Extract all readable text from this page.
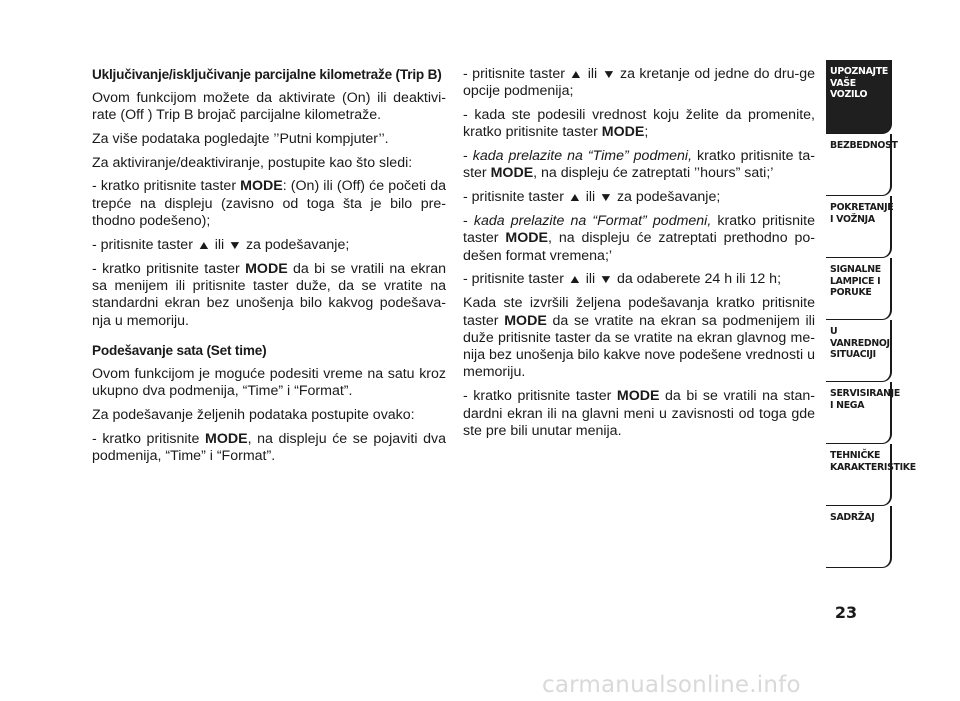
Uključivanje/isključivanje parcijalne kilometraže (Trip B)

Ovom funkcijom možete da aktivirate (On) ili deaktivi-rate (Off ) Trip B brojač parcijalne kilometraže.

Za više podataka pogledajte ’’Putni kompjuter’’.

Za aktiviranje/deaktiviranje, postupite kao što sledi:

- kratko pritisnite taster MODE: (On) ili (Off) će početi da trepće na displeju (zavisno od toga šta je bilo pre-thodno podešeno);

- pritisnite taster ▲ ili ▼ za podešavanje;

- kratko pritisnite taster MODE da bi se vratili na ekran sa menijem ili pritisnite taster duže, da se vratite na standardni ekran bez unošenja bilo kakvog podešava-nja u memoriju.

Podešavanje sata (Set time)

Ovom funkcijom je moguće podesiti vreme na satu kroz ukupno dva podmenija, “Time” i “Format”.

Za podešavanje željenih podataka postupite ovako:

- kratko pritisnite MODE, na displeju će se pojaviti dva podmenija, “Time” i “Format”.

- pritisnite taster ▲ ili ▼ za kretanje od jedne do dru-ge opcije podmenija;

- kada ste podesili vrednost koju želite da promenite, kratko pritisnite taster MODE;

- kada prelazite na “Time” podmeni, kratko pritisnite ta-ster MODE, na displeju će zatreptati ’’hours” sati;’

- pritisnite taster ▲ ili ▼ za podešavanje;

- kada prelazite na “Format” podmeni, kratko pritisnite taster MODE, na displeju će zatreptati prethodno po-dešen format vremena;’

- pritisnite taster ▲ ili ▼ da odaberete 24 h ili 12 h;

Kada ste izvršili željena podešavanja kratko pritisnite taster MODE da se vratite na ekran sa podmenijem ili duže pritisnite taster da se vratite na ekran glavnog me-nija bez unošenja bilo kakve nove podešene vrednosti u memoriju.

- kratko pritisnite taster MODE da bi se vratili na stan-dardni ekran ili na glavni meni u zavisnosti od toga gde ste pre bili unutar menija.

UPOZNAJTE
VAŠE
VOZILO
BEZBEDNOST
POKRETANJE
I VOŽNJA
SIGNALNE
LAMPICE I PORUKE
U VANREDNOJ
SITUACIJI
SERVISIRANJE
I NEGA
TEHNIČKE
KARAKTERISTIKE
SADRŽAJ
23
carmanualsonline.info
